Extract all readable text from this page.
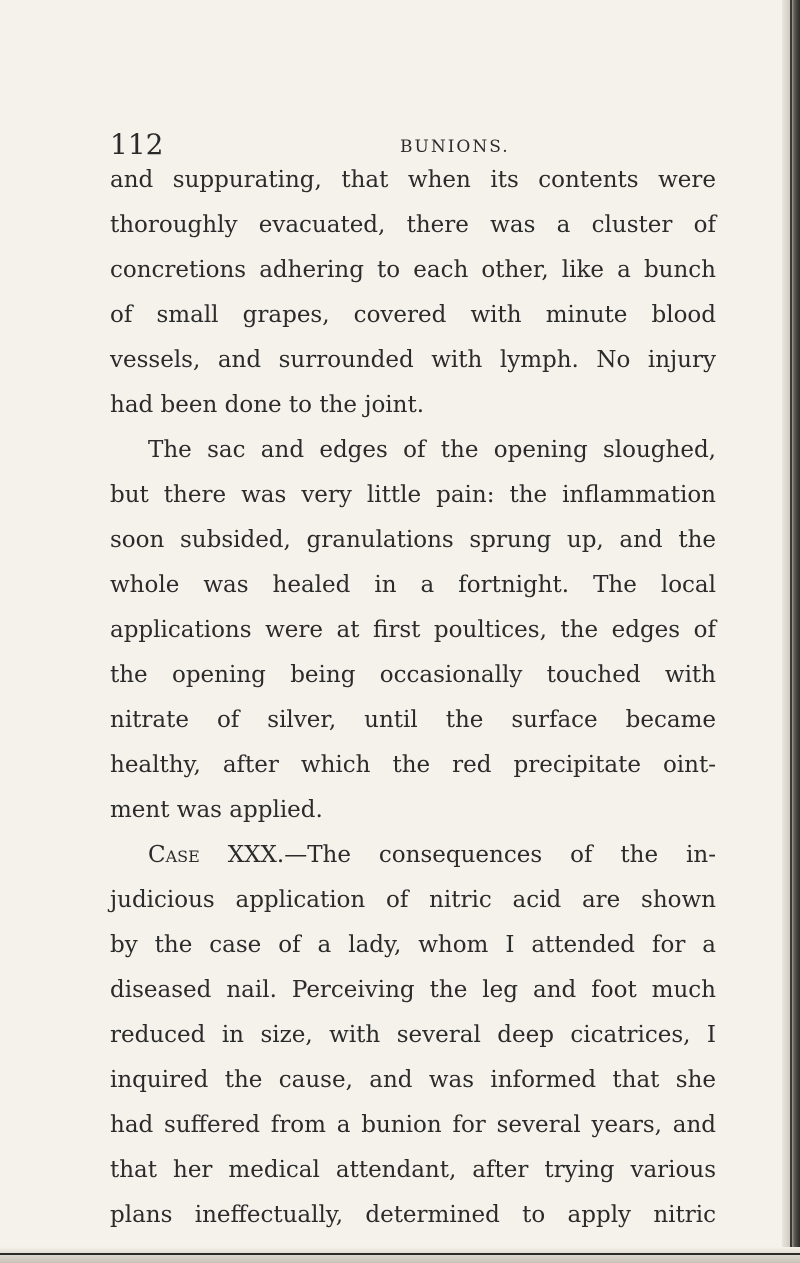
112	BUNIONS.
and suppurating, that when its contents were
thoroughly evacuated, there was a cluster of
concretions adhering to each other, like a bunch
of small grapes, covered with minute blood
vessels, and surrounded with lymph. No injury
had been done to the joint.
The sac and edges of the opening sloughed,
but there was very little pain: the inflammation
soon subsided, granulations sprung up, and the
whole was healed in a fortnight. The local
applications were at first poultices, the edges of
the opening being occasionally touched with
nitrate of silver, until the surface became
healthy, after which the red precipitate oint-
ment was applied.
Case XXX.—The consequences of the in-
judicious application of nitric acid are shown
by the case of a lady, whom I attended for a
diseased nail. Perceiving the leg and foot much
reduced in size, with several deep cicatrices, I
inquired the cause, and was informed that she
had suffered from a bunion for several years, and
that her medical attendant, after trying various
plans ineffectually, determined to apply nitric
